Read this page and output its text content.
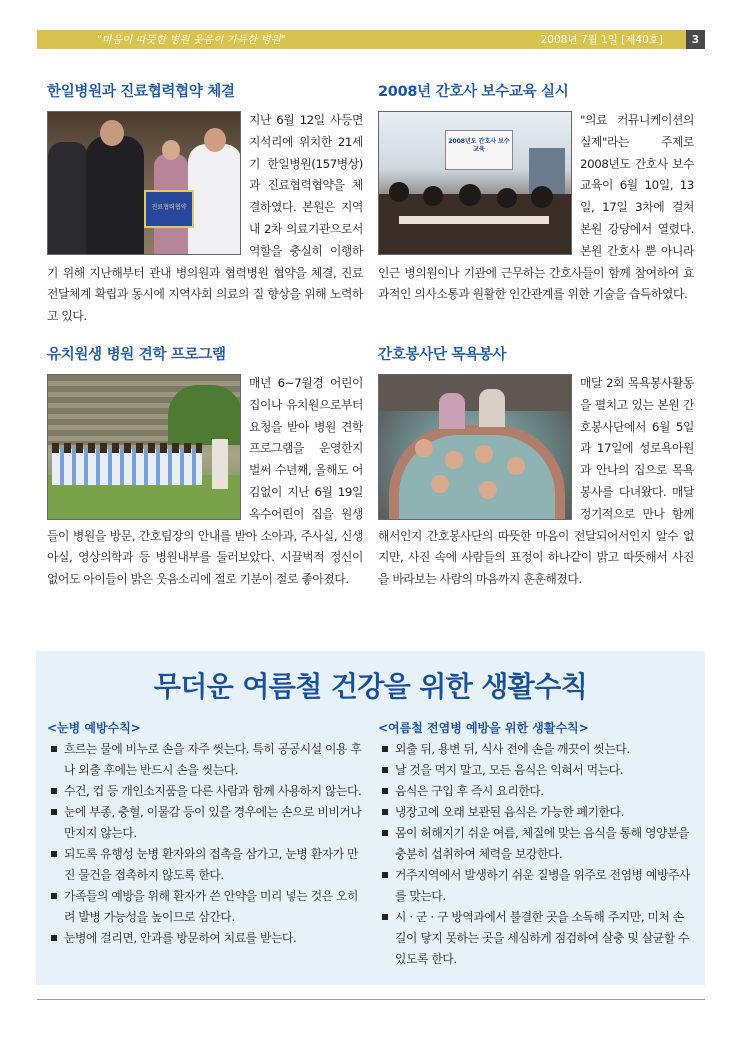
"마음이 따뜻한 병원 웃음이 가득한 병원"	2008년 7월 1일 [제40호]	3
한일병원과 진료협력협약 체결
진료협력협약
지난 6월 12일 사등면 지석리에 위치한 21세기 한일병원(157병상)과 진료협력협약을 체결하였다. 본원은 지역내 2차 의료기관으로서 역할을 충실히 이행하기 위해 지난해부터 관내 병의원과 협력병원 협약을 체결, 진료전달체계 확립과 동시에 지역사회 의료의 질 향상을 위해 노력하고 있다.
2008년 간호사 보수교육 실시
2008년도 간호사 보수교육
"의료 커뮤니케이션의 실제"라는 주제로 2008년도 간호사 보수교육이 6월 10일, 13일, 17일 3차에 걸쳐 본원 강당에서 열렸다. 본원 간호사 뿐 아니라 인근 병의원이나 기관에 근무하는 간호사들이 함께 참여하여 효과적인 의사소통과 원활한 인간관계를 위한 기술을 습득하였다.
유치원생 병원 견학 프로그램
매년 6~7월경 어린이집이나 유치원으로부터 요청을 받아 병원 견학프로그램을 운영한지 벌써 수년째, 올해도 어김없이 지난 6월 19일 옥수어린이 집을 원생들이 병원을 방문, 간호팀장의 안내를 받아 소아과, 주사실, 신생아실, 영상의학과 등 병원내부를 둘러보았다. 시끌벅적 정신이 없어도 아이들이 밝은 웃음소리에 절로 기분이 절로 좋아졌다.
간호봉사단 목욕봉사
매달 2회 목욕봉사활동을 펼치고 있는 본원 간호봉사단에서 6월 5일과 17일에 성로욕아원과 안나의 집으로 목욕봉사를 다녀왔다. 매달 정기적으로 만나 함께해서인지 간호봉사단의 따뜻한 마음이 전달되어서인지 알수 없지만, 사진 속에 사람들의 표정이 하나같이 밝고 따뜻해서 사진을 바라보는 사람의 마음까지 훈훈해졌다.
무더운 여름철 건강을 위한 생활수칙
<눈병 예방수칙>
흐르는 물에 비누로 손을 자주 씻는다. 특히 공공시설 이용 후나 외출 후에는 반드시 손을 씻는다.
수건, 컵 등 개인소지품을 다른 사람과 함께 사용하지 않는다.
눈에 부종, 충혈, 이물감 등이 있을 경우에는 손으로 비비거나 만지지 않는다.
되도록 유행성 눈병 환자와의 접촉을 삼가고, 눈병 환자가 만진 물건을 접촉하지 않도록 한다.
가족들의 예방을 위해 환자가 쓴 안약을 미리 넣는 것은 오히려 발병 가능성을 높이므로 삼간다.
눈병에 걸리면, 안과를 방문하여 치료를 받는다.
<여름철 전염병 예방을 위한 생활수칙>
외출 뒤, 용변 뒤, 식사 전에 손을 깨끗이 씻는다.
날 것을 먹지 말고, 모든 음식은 익혀서 먹는다.
음식은 구입 후 즉시 요리한다.
냉장고에 오래 보관된 음식은 가능한 폐기한다.
몸이 허해지기 쉬운 여름, 체질에 맞는 음식을 통해 영양분을 충분히 섭취하여 체력을 보강한다.
거주지역에서 발생하기 쉬운 질병을 위주로 전염병 예방주사를 맞는다.
시 · 군 · 구 방역과에서 불결한 곳을 소독해 주지만, 미처 손길이 닿지 못하는 곳을 세심하게 점검하여 살충 및 살균할 수 있도록 한다.
